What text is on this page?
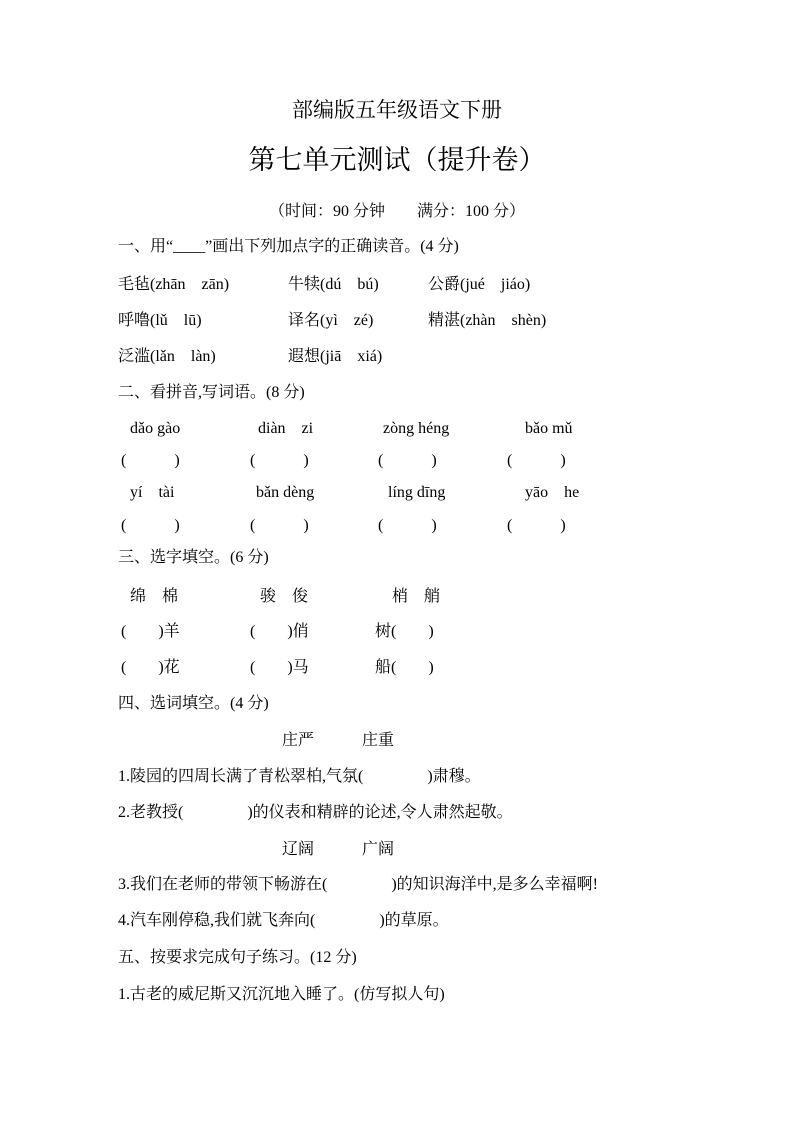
部编版五年级语文下册
第七单元测试（提升卷）
（时间：90 分钟　　满分：100 分）
一、用“____”画出下列加点字的正确读音。(4 分)
毛毡(zhān　zān)	牛犊(dú　bú)	公爵(jué　jiáo)
呼噜(lǔ　lū)	译名(yì　zé)	精湛(zhàn　shèn)
泛滥(lǎn　làn)	遐想(jiā　xiá)
二、看拼音,写词语。(8 分)
dǎo gào	diàn　zi	zòng héng	bǎo mǔ
(　　　)	(　　　)	(　　　)	(　　　)
yí　tài	bǎn dèng	líng dīng	yāo　he
(　　　)	(　　　)	(　　　)	(　　　)
三、选字填空。(6 分)
绵　棉	骏　俊	梢　艄
(　　)羊	(　　)俏	树(　　)
(　　)花	(　　)马	船(　　)
四、选词填空。(4 分)
庄严　　　庄重
1.陵园的四周长满了青松翠柏,气氛(　　　　)肃穆。
2.老教授(　　　　)的仪表和精辟的论述,令人肃然起敬。
辽阔　　　广阔
3.我们在老师的带领下畅游在(　　　　)的知识海洋中,是多么幸福啊!
4.汽车刚停稳,我们就飞奔向(　　　　)的草原。
五、按要求完成句子练习。(12 分)
1.古老的威尼斯又沉沉地入睡了。(仿写拟人句)
